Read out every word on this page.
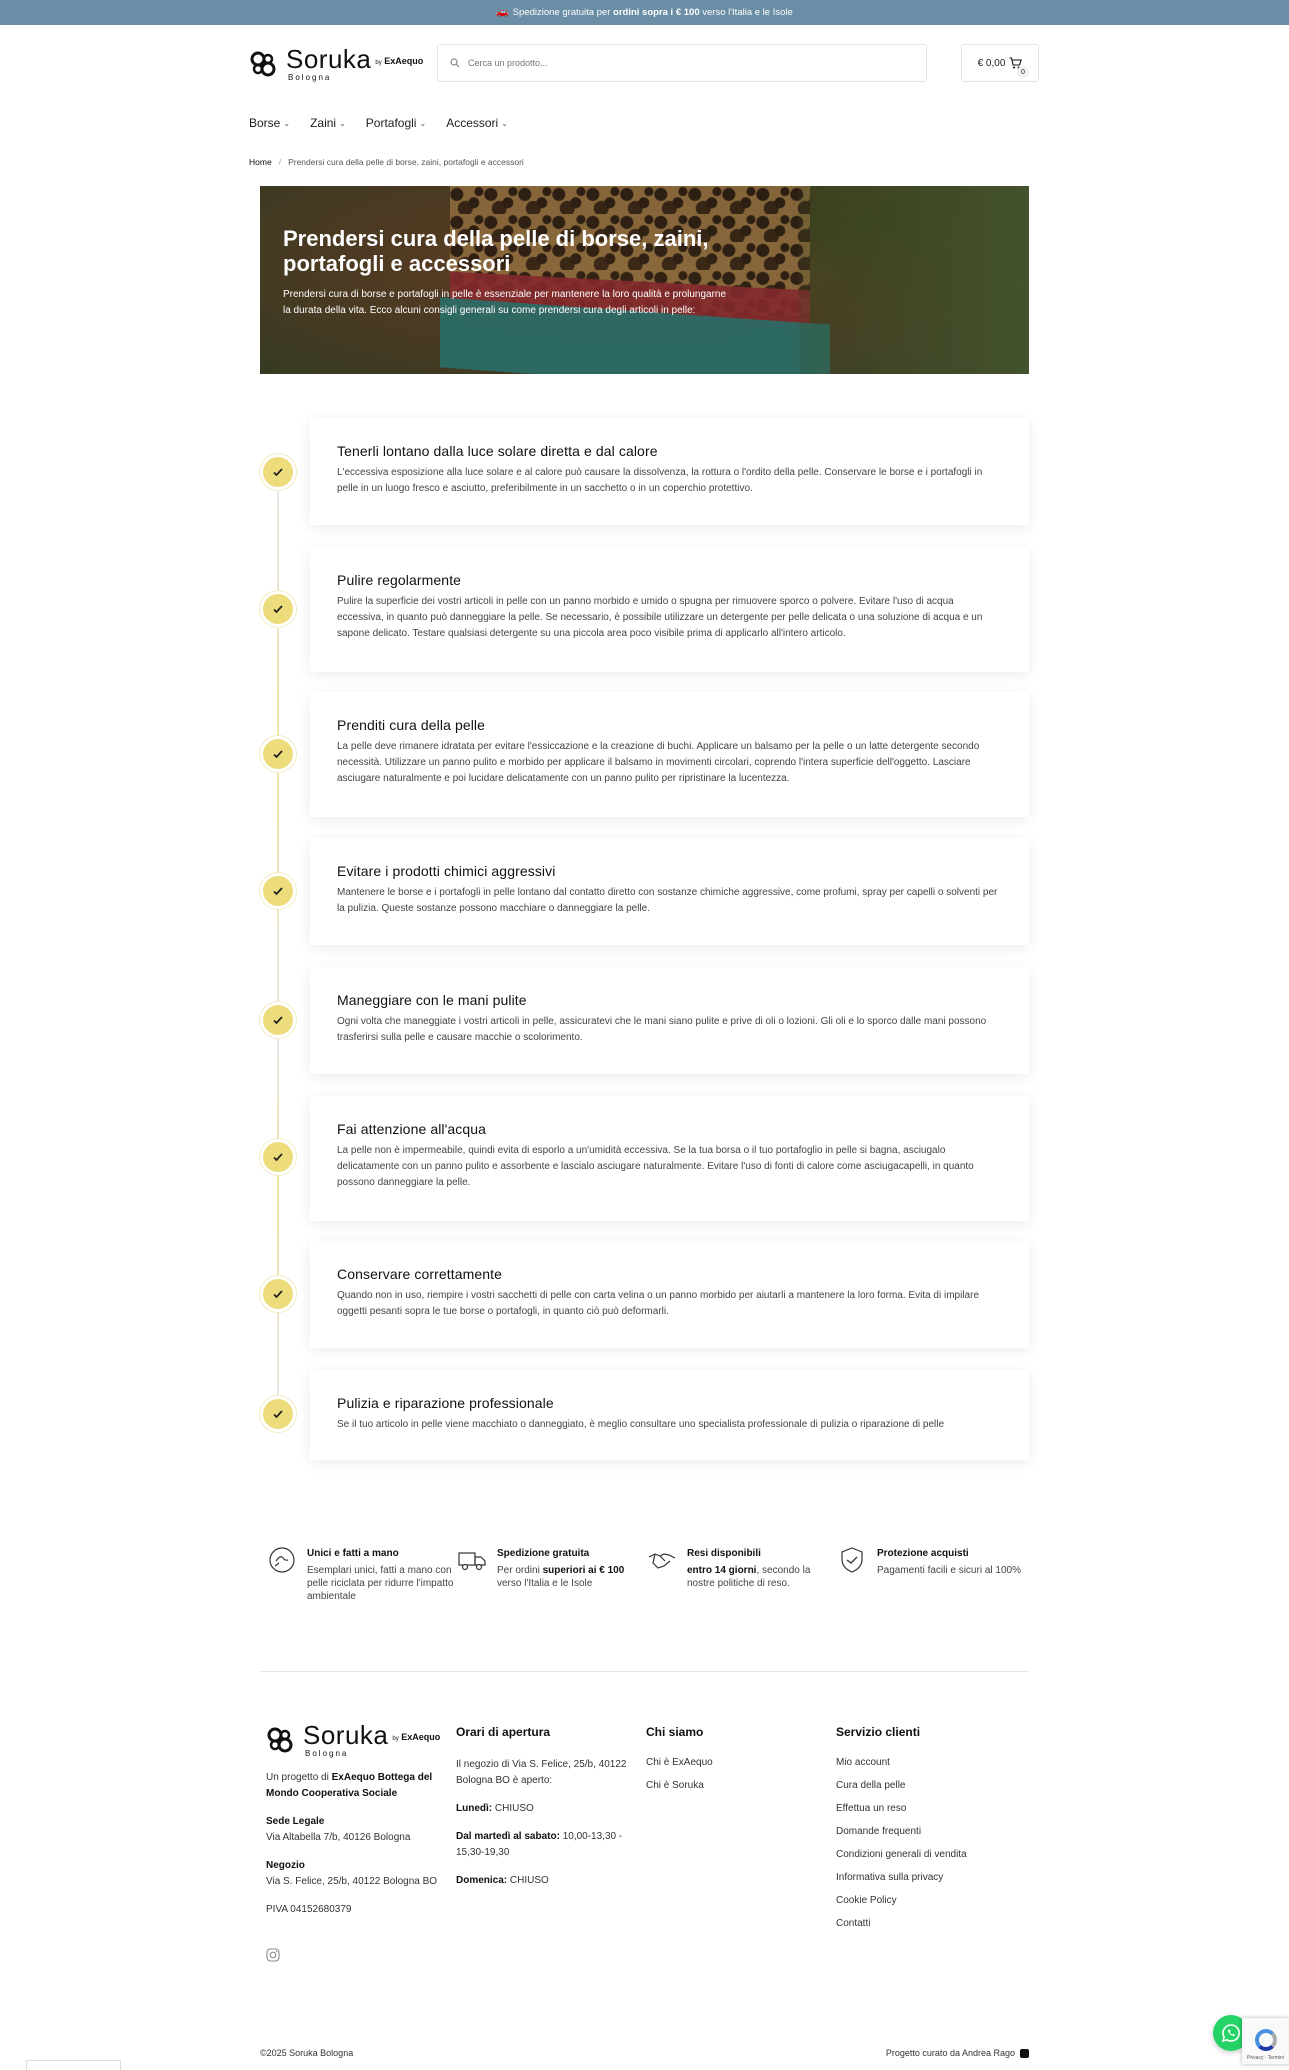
🚗 Spedizione gratuita per ordini sopra i € 100 verso l'Italia e le Isole
Soruka
Bologna
by ExAequo
Cerca un prodotto...	€ 0,00
0
Borse ⌄ Zaini ⌄ Portafogli ⌄ Accessori ⌄
Home / Prendersi cura della pelle di borse, zaini, portafogli e accessori
Prendersi cura della pelle di borse, zaini, portafogli e accessori

Prendersi cura di borse e portafogli in pelle è essenziale per mantenere la loro qualità e prolungarne la durata della vita. Ecco alcuni consigli generali su come prendersi cura degli articoli in pelle:

Tenerli lontano dalla luce solare diretta e dal calore

L'eccessiva esposizione alla luce solare e al calore può causare la dissolvenza, la rottura o l'ordito della pelle. Conservare le borse e i portafogli in pelle in un luogo fresco e asciutto, preferibilmente in un sacchetto o in un coperchio protettivo.

Pulire regolarmente

Pulire la superficie dei vostri articoli in pelle con un panno morbido e umido o spugna per rimuovere sporco o polvere. Evitare l'uso di acqua eccessiva, in quanto può danneggiare la pelle. Se necessario, è possibile utilizzare un detergente per pelle delicata o una soluzione di acqua e un sapone delicato. Testare qualsiasi detergente su una piccola area poco visibile prima di applicarlo all'intero articolo.

Prenditi cura della pelle

La pelle deve rimanere idratata per evitare l'essiccazione e la creazione di buchi. Applicare un balsamo per la pelle o un latte detergente secondo necessità. Utilizzare un panno pulito e morbido per applicare il balsamo in movimenti circolari, coprendo l'intera superficie dell'oggetto. Lasciare asciugare naturalmente e poi lucidare delicatamente con un panno pulito per ripristinare la lucentezza.

Evitare i prodotti chimici aggressivi

Mantenere le borse e i portafogli in pelle lontano dal contatto diretto con sostanze chimiche aggressive, come profumi, spray per capelli o solventi per la pulizia. Queste sostanze possono macchiare o danneggiare la pelle.

Maneggiare con le mani pulite

Ogni volta che maneggiate i vostri articoli in pelle, assicuratevi che le mani siano pulite e prive di oli o lozioni. Gli oli e lo sporco dalle mani possono trasferirsi sulla pelle e causare macchie o scolorimento.

Fai attenzione all'acqua

La pelle non è impermeabile, quindi evita di esporlo a un'umidità eccessiva. Se la tua borsa o il tuo portafoglio in pelle si bagna, asciugalo delicatamente con un panno pulito e assorbente e lascialo asciugare naturalmente. Evitare l'uso di fonti di calore come asciugacapelli, in quanto possono danneggiare la pelle.

Conservare correttamente

Quando non in uso, riempire i vostri sacchetti di pelle con carta velina o un panno morbido per aiutarli a mantenere la loro forma. Evita di impilare oggetti pesanti sopra le tue borse o portafogli, in quanto ciò può deformarli.

Pulizia e riparazione professionale

Se il tuo articolo in pelle viene macchiato o danneggiato, è meglio consultare uno specialista professionale di pulizia o riparazione di pelle

Unici e fatti a mano
Esemplari unici, fatti a mano con pelle riciclata per ridurre l'impatto ambientale
Spedizione gratuita
Per ordini superiori ai € 100 verso l'Italia e le Isole
Resi disponibili
entro 14 giorni, secondo la nostre politiche di reso.
Protezione acquisti
Pagamenti facili e sicuri al 100%
Soruka
Bologna
by ExAequo
Un progetto di ExAequo Bottega del Mondo Cooperativa Sociale
Sede Legale
Via Altabella 7/b, 40126 Bologna
Negozio
Via S. Felice, 25/b, 40122 Bologna BO
PIVA 04152680379
Orari di apertura
Il negozio di Via S. Felice, 25/b, 40122 Bologna BO è aperto:
Lunedì: CHIUSO
Dal martedì al sabato: 10,00-13,30 - 15,30-19,30
Domenica: CHIUSO
Chi siamo
Chi è ExAequo
Chi è Soruka
Servizio clienti
Mio account
Cura della pelle
Effettua un reso
Domande frequenti
Condizioni generali di vendita
Informativa sulla privacy
Cookie Policy
Contatti
©2025 Soruka Bologna	Progetto curato da Andrea Rago	Privacy - Termini
